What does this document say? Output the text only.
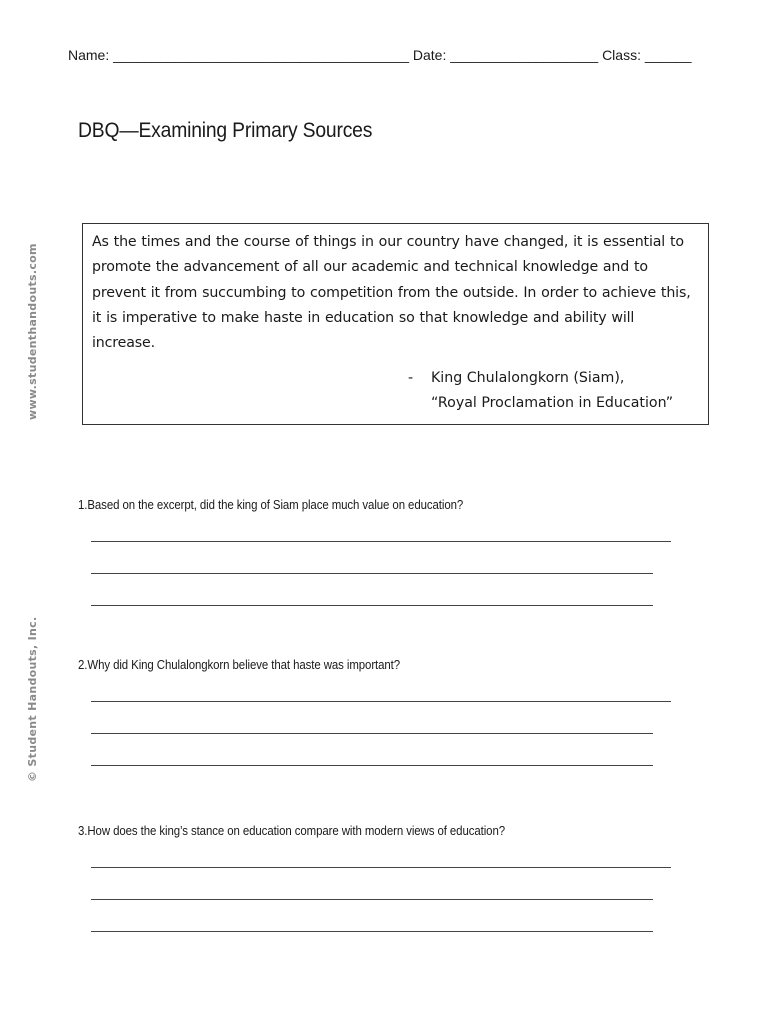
Name: ______________________________________ Date: ___________________ Class: ______
DBQ—Examining Primary Sources
www.studenthandouts.com
© Student Handouts, Inc.
As the times and the course of things in our country have changed, it is essential to promote the advancement of all our academic and technical knowledge and to prevent it from succumbing to competition from the outside. In order to achieve this, it is imperative to make haste in education so that knowledge and ability will increase.
- King Chulalongkorn (Siam),
“Royal Proclamation in Education”
1.Based on the excerpt, did the king of Siam place much value on education?
2.Why did King Chulalongkorn believe that haste was important?
3.How does the king’s stance on education compare with modern views of education?
